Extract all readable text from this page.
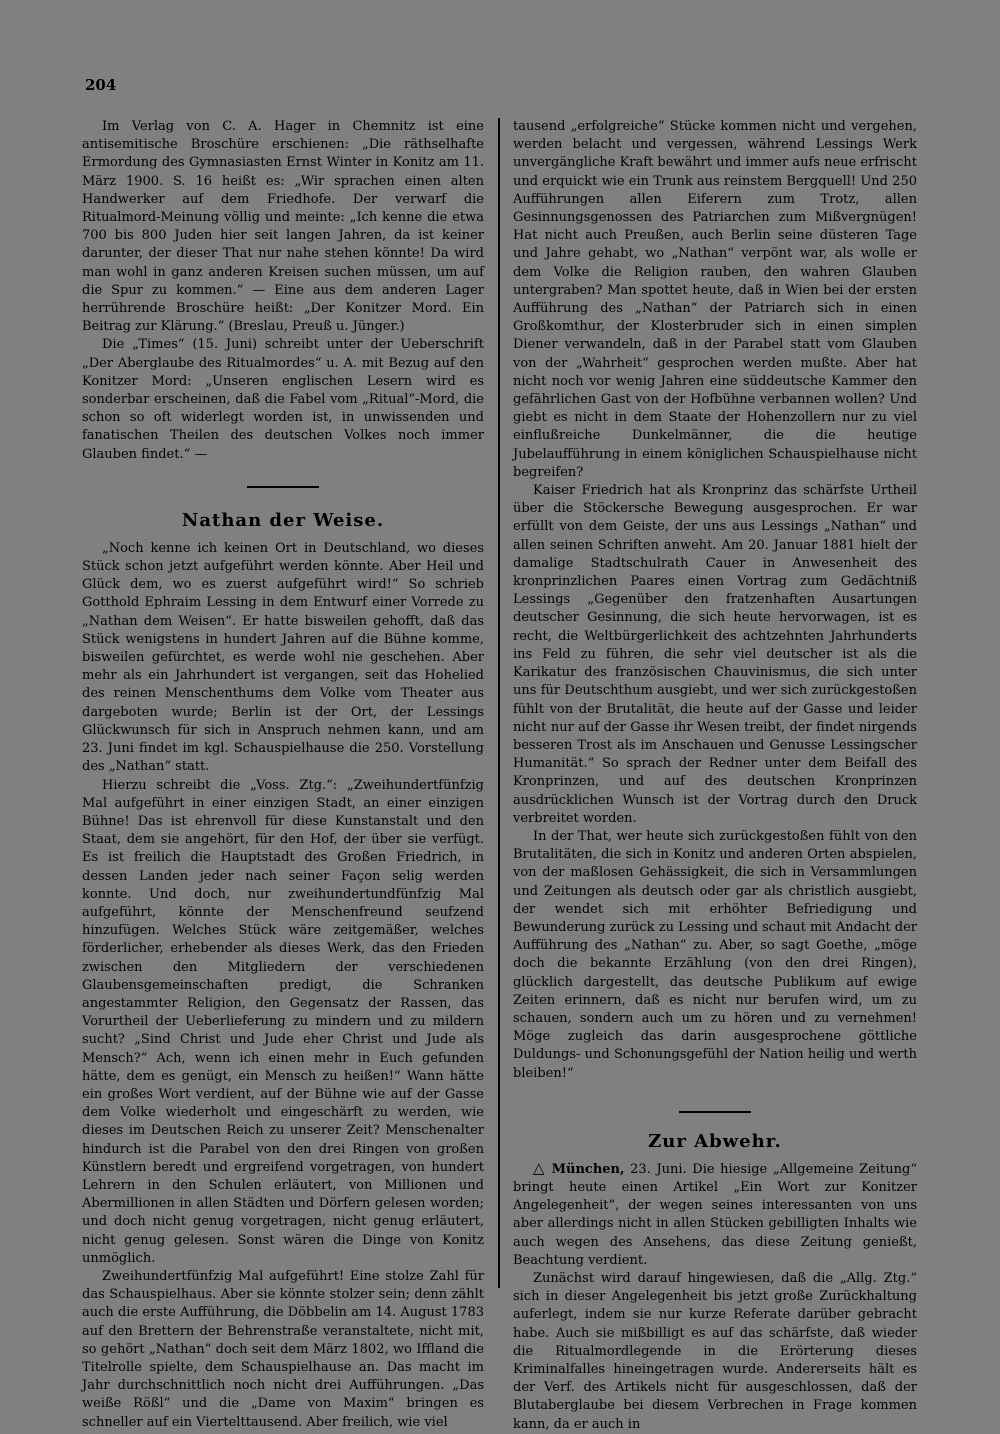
204

Im Verlag von C. A. Hager in Chemnitz ist eine antisemitische Broschüre erschienen: „Die räthselhafte Ermordung des Gymnasiasten Ernst Winter in Konitz am 11. März 1900. S. 16 heißt es: „Wir sprachen einen alten Handwerker auf dem Friedhofe. Der verwarf die Ritualmord-Meinung völlig und meinte: „Ich kenne die etwa 700 bis 800 Juden hier seit langen Jahren, da ist keiner darunter, der dieser That nur nahe stehen könnte! Da wird man wohl in ganz anderen Kreisen suchen müssen, um auf die Spur zu kommen.“ — Eine aus dem anderen Lager herrührende Broschüre heißt: „Der Konitzer Mord. Ein Beitrag zur Klärung.“ (Breslau, Preuß u. Jünger.)

Die „Times“ (15. Juni) schreibt unter der Ueberschrift „Der Aberglaube des Ritualmordes“ u. A. mit Bezug auf den Konitzer Mord: „Unseren englischen Lesern wird es sonderbar erscheinen, daß die Fabel vom „Ritual“-Mord, die schon so oft widerlegt worden ist, in unwissenden und fanatischen Theilen des deutschen Volkes noch immer Glauben findet.“ —

Nathan der Weise.

„Noch kenne ich keinen Ort in Deutschland, wo dieses Stück schon jetzt aufgeführt werden könnte. Aber Heil und Glück dem, wo es zuerst aufgeführt wird!“ So schrieb Gotthold Ephraim Lessing in dem Entwurf einer Vorrede zu „Nathan dem Weisen“. Er hatte bisweilen gehofft, daß das Stück wenigstens in hundert Jahren auf die Bühne komme, bisweilen gefürchtet, es werde wohl nie geschehen. Aber mehr als ein Jahrhundert ist vergangen, seit das Hohelied des reinen Menschenthums dem Volke vom Theater aus dargeboten wurde; Berlin ist der Ort, der Lessings Glückwunsch für sich in Anspruch nehmen kann, und am 23. Juni findet im kgl. Schauspielhause die 250. Vorstellung des „Nathan“ statt.

Hierzu schreibt die „Voss. Ztg.“: „Zweihundertfünfzig Mal aufgeführt in einer einzigen Stadt, an einer einzigen Bühne! Das ist ehrenvoll für diese Kunstanstalt und den Staat, dem sie angehört, für den Hof, der über sie verfügt. Es ist freilich die Hauptstadt des Großen Friedrich, in dessen Landen jeder nach seiner Façon selig werden konnte. Und doch, nur zweihundertundfünfzig Mal aufgeführt, könnte der Menschenfreund seufzend hinzufügen. Welches Stück wäre zeitgemäßer, welches förderlicher, erhebender als dieses Werk, das den Frieden zwischen den Mitgliedern der verschiedenen Glaubensgemeinschaften predigt, die Schranken angestammter Religion, den Gegensatz der Rassen, das Vorurtheil der Ueberlieferung zu mindern und zu mildern sucht? „Sind Christ und Jude eher Christ und Jude als Mensch?“ Ach, wenn ich einen mehr in Euch gefunden hätte, dem es genügt, ein Mensch zu heißen!“ Wann hätte ein großes Wort verdient, auf der Bühne wie auf der Gasse dem Volke wiederholt und eingeschärft zu werden, wie dieses im Deutschen Reich zu unserer Zeit? Menschenalter hindurch ist die Parabel von den drei Ringen von großen Künstlern beredt und ergreifend vorgetragen, von hundert Lehrern in den Schulen erläutert, von Millionen und Abermillionen in allen Städten und Dörfern gelesen worden; und doch nicht genug vorgetragen, nicht genug erläutert, nicht genug gelesen. Sonst wären die Dinge von Konitz unmöglich.

Zweihundertfünfzig Mal aufgeführt! Eine stolze Zahl für das Schauspielhaus. Aber sie könnte stolzer sein; denn zählt auch die erste Aufführung, die Döbbelin am 14. August 1783 auf den Brettern der Behrenstraße veranstaltete, nicht mit, so gehört „Nathan“ doch seit dem März 1802, wo Iffland die Titelrolle spielte, dem Schauspielhause an. Das macht im Jahr durchschnittlich noch nicht drei Aufführungen. „Das weiße Rößl“ und die „Dame von Maxim“ bringen es schneller auf ein Viertelttausend. Aber freilich, wie viel

tausend „erfolgreiche“ Stücke kommen nicht und vergehen, werden belacht und vergessen, während Lessings Werk unvergängliche Kraft bewährt und immer aufs neue erfrischt und erquickt wie ein Trunk aus reinstem Bergquell! Und 250 Aufführungen allen Eiferern zum Trotz, allen Gesinnungsgenossen des Patriarchen zum Mißvergnügen! Hat nicht auch Preußen, auch Berlin seine düsteren Tage und Jahre gehabt, wo „Nathan“ verpönt war, als wolle er dem Volke die Religion rauben, den wahren Glauben untergraben? Man spottet heute, daß in Wien bei der ersten Aufführung des „Nathan“ der Patriarch sich in einen Großkomthur, der Klosterbruder sich in einen simplen Diener verwandeln, daß in der Parabel statt vom Glauben von der „Wahrheit“ gesprochen werden mußte. Aber hat nicht noch vor wenig Jahren eine süddeutsche Kammer den gefährlichen Gast von der Hofbühne verbannen wollen? Und giebt es nicht in dem Staate der Hohenzollern nur zu viel einflußreiche Dunkelmänner, die die heutige Jubelaufführung in einem königlichen Schauspielhause nicht begreifen?

Kaiser Friedrich hat als Kronprinz das schärfste Urtheil über die Stöckersche Bewegung ausgesprochen. Er war erfüllt von dem Geiste, der uns aus Lessings „Nathan“ und allen seinen Schriften anweht. Am 20. Januar 1881 hielt der damalige Stadtschulrath Cauer in Anwesenheit des kronprinzlichen Paares einen Vortrag zum Gedächtniß Lessings „Gegenüber den fratzenhaften Ausartungen deutscher Gesinnung, die sich heute hervorwagen, ist es recht, die Weltbürgerlichkeit des achtzehnten Jahrhunderts ins Feld zu führen, die sehr viel deutscher ist als die Karikatur des französischen Chauvinismus, die sich unter uns für Deutschthum ausgiebt, und wer sich zurückgestoßen fühlt von der Brutalität, die heute auf der Gasse und leider nicht nur auf der Gasse ihr Wesen treibt, der findet nirgends besseren Trost als im Anschauen und Genusse Lessingscher Humanität.“ So sprach der Redner unter dem Beifall des Kronprinzen, und auf des deutschen Kronprinzen ausdrücklichen Wunsch ist der Vortrag durch den Druck verbreitet worden.

In der That, wer heute sich zurückgestoßen fühlt von den Brutalitäten, die sich in Konitz und anderen Orten abspielen, von der maßlosen Gehässigkeit, die sich in Versammlungen und Zeitungen als deutsch oder gar als christlich ausgiebt, der wendet sich mit erhöhter Befriedigung und Bewunderung zurück zu Lessing und schaut mit Andacht der Aufführung des „Nathan“ zu. Aber, so sagt Goethe, „möge doch die bekannte Erzählung (von den drei Ringen), glücklich dargestellt, das deutsche Publikum auf ewige Zeiten erinnern, daß es nicht nur berufen wird, um zu schauen, sondern auch um zu hören und zu vernehmen! Möge zugleich das darin ausgesprochene göttliche Duldungs- und Schonungsgefühl der Nation heilig und werth bleiben!“

Zur Abwehr.

△ München, 23. Juni. Die hiesige „Allgemeine Zeitung“ bringt heute einen Artikel „Ein Wort zur Konitzer Angelegenheit“, der wegen seines interessanten von uns aber allerdings nicht in allen Stücken gebilligten Inhalts wie auch wegen des Ansehens, das diese Zeitung genießt, Beachtung verdient.

Zunächst wird darauf hingewiesen, daß die „Allg. Ztg.“ sich in dieser Angelegenheit bis jetzt große Zurückhaltung auferlegt, indem sie nur kurze Referate darüber gebracht habe. Auch sie mißbilligt es auf das schärfste, daß wieder die Ritualmordlegende in die Erörterung dieses Kriminalfalles hineingetragen wurde. Andererseits hält es der Verf. des Artikels nicht für ausgeschlossen, daß der Blutaberglaube bei diesem Verbrechen in Frage kommen kann, da er auch in
